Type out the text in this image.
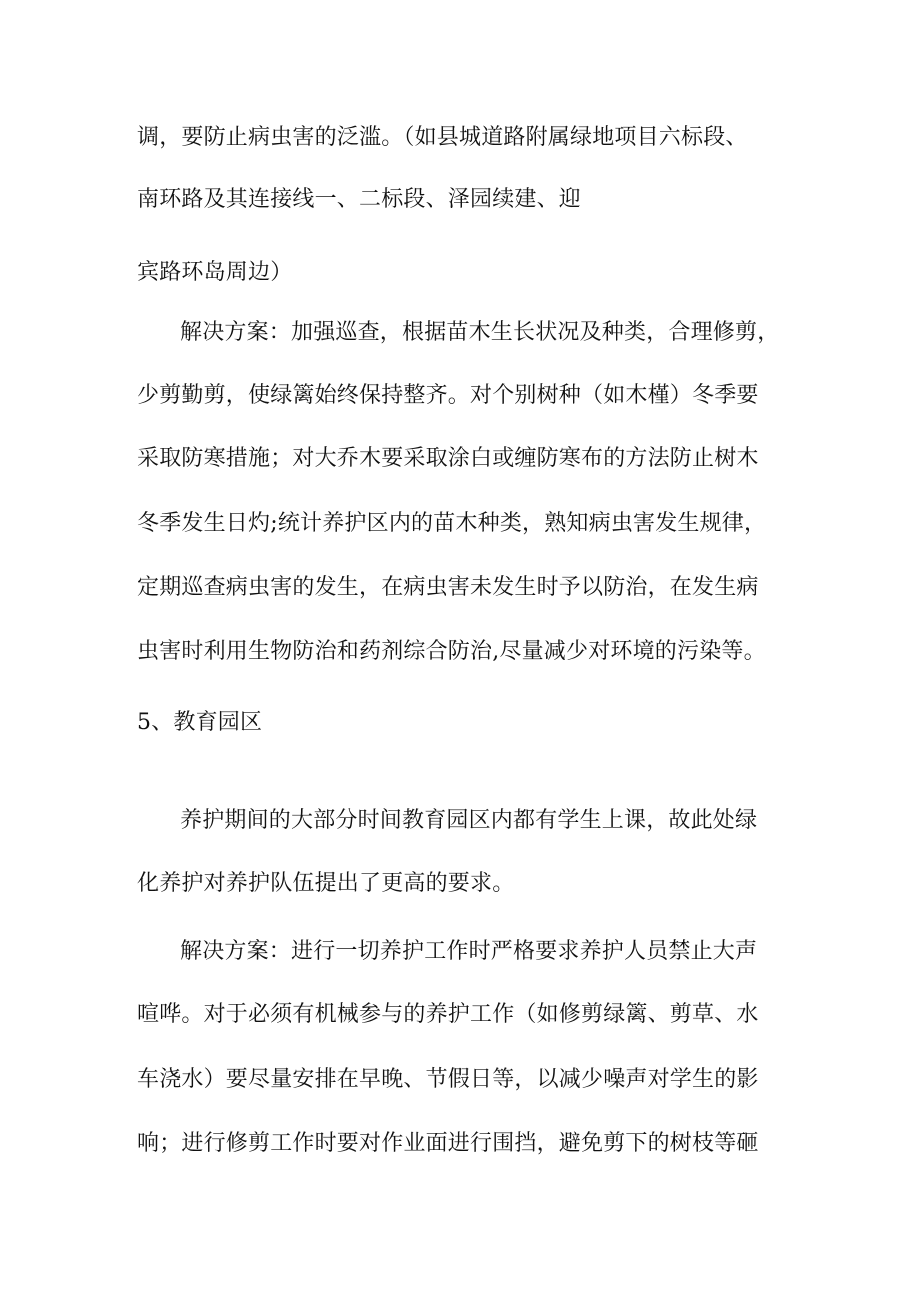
调，要防止病虫害的泛滥。（如县城道路附属绿地项目六标段、
南环路及其连接线一、二标段、泽园续建、迎
宾路环岛周边）
解决方案：加强巡查，根据苗木生长状况及种类，合理修剪，
少剪勤剪，使绿篱始终保持整齐。对个别树种（如木槿）冬季要
采取防寒措施；对大乔木要采取涂白或缠防寒布的方法防止树木
冬季发生日灼;统计养护区内的苗木种类，熟知病虫害发生规律，
定期巡查病虫害的发生，在病虫害未发生时予以防治，在发生病
虫害时利用生物防治和药剂综合防治,尽量减少对环境的污染等。
5、教育园区
养护期间的大部分时间教育园区内都有学生上课，故此处绿
化养护对养护队伍提出了更高的要求。
解决方案：进行一切养护工作时严格要求养护人员禁止大声
喧哗。对于必须有机械参与的养护工作（如修剪绿篱、剪草、水
车浇水）要尽量安排在早晚、节假日等，以减少噪声对学生的影
响；进行修剪工作时要对作业面进行围挡，避免剪下的树枝等砸
